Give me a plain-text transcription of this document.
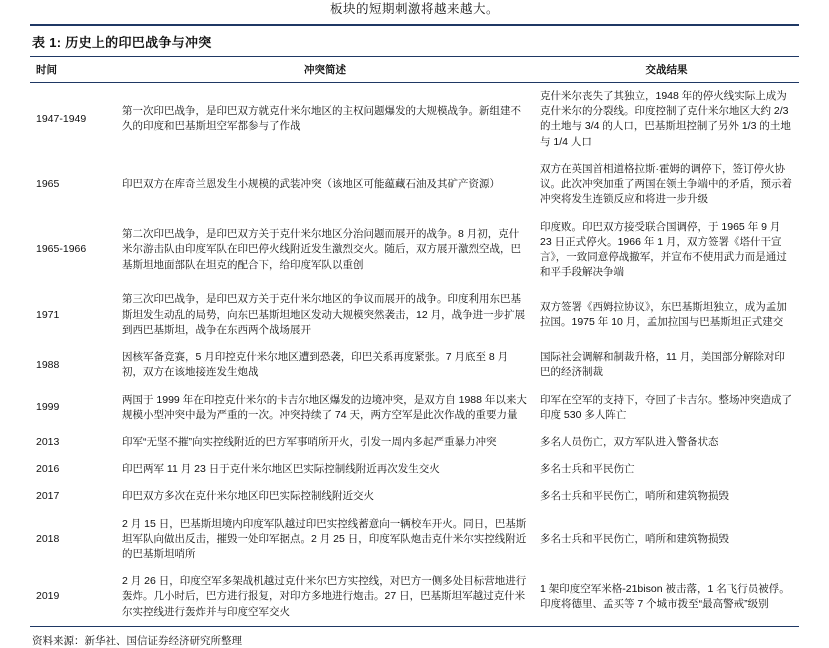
板块的短期刺激将越来越大。
表 1: 历史上的印巴战争与冲突
时间	冲突简述	交战结果
1947-1949	第一次印巴战争，是印巴双方就克什米尔地区的主权问题爆发的大规模战争。新组建不久的印度和巴基斯坦空军都参与了作战	克什米尔丧失了其独立，1948 年的停火线实际上成为克什米尔的分裂线。印度控制了克什米尔地区大约 2/3 的土地与 3/4 的人口，巴基斯坦控制了另外 1/3 的土地与 1/4 人口
1965	印巴双方在库奇兰恩发生小规模的武装冲突（该地区可能蕴藏石油及其矿产资源）	双方在英国首相道格拉斯·霍姆的调停下，签订停火协议。此次冲突加重了两国在领土争端中的矛盾，预示着冲突将发生连锁反应和将进一步升级
1965-1966	第二次印巴战争，是印巴双方关于克什米尔地区分治问题而展开的战争。8 月初，克什米尔游击队由印度军队在印巴停火线附近发生激烈交火。随后，双方展开激烈空战，巴基斯坦地面部队在坦克的配合下，给印度军队以重创	印度败。印巴双方接受联合国调停，于 1965 年 9 月 23 日正式停火。1966 年 1 月，双方签署《塔什干宣言》，一致同意停战撤军，并宣布不使用武力而是通过和平手段解决争端
1971	第三次印巴战争，是印巴双方关于克什米尔地区的争议而展开的战争。印度利用东巴基斯坦发生动乱的局势，向东巴基斯坦地区发动大规模突然袭击，12 月，战争进一步扩展到西巴基斯坦，战争在东西两个战场展开	双方签署《西姆拉协议》，东巴基斯坦独立，成为孟加拉国。1975 年 10 月，孟加拉国与巴基斯坦正式建交
1988	因核军备竞赛，5 月印控克什米尔地区遭到恐袭，印巴关系再度紧张。7 月底至 8 月初，双方在该地接连发生炮战	国际社会调解和制裁升格，11 月，美国部分解除对印巴的经济制裁
1999	两国于 1999 年在印控克什米尔的卡吉尔地区爆发的边境冲突，是双方自 1988 年以来大规模小型冲突中最为严重的一次。冲突持续了 74 天，两方空军是此次作战的重要力量	印军在空军的支持下，夺回了卡吉尔。整场冲突造成了印度 530 多人阵亡
2013	印军“无坚不摧”向实控线附近的巴方军事哨所开火，引发一周内多起严重暴力冲突	多名人员伤亡，双方军队进入警备状态
2016	印巴两军 11 月 23 日于克什米尔地区巴实际控制线附近再次发生交火	多名士兵和平民伤亡
2017	印巴双方多次在克什米尔地区印巴实际控制线附近交火	多名士兵和平民伤亡，哨所和建筑物损毁
2018	2 月 15 日，巴基斯坦境内印度军队越过印巴实控线蓄意向一辆校车开火。同日，巴基斯坦军队向做出反击，摧毁一处印军据点。2 月 25 日，印度军队炮击克什米尔实控线附近的巴基斯坦哨所	多名士兵和平民伤亡，哨所和建筑物损毁
2019	2 月 26 日，印度空军多架战机越过克什米尔巴方实控线，对巴方一侧多处目标营地进行轰炸。几小时后，巴方进行报复，对印方多地进行炮击。27 日，巴基斯坦军越过克什米尔实控线进行轰炸并与印度空军交火	1 架印度空军米格-21bison 被击落，1 名飞行员被俘。印度将德里、孟买等 7 个城市拨至“最高警戒”级别
资料来源：新华社、国信证券经济研究所整理
